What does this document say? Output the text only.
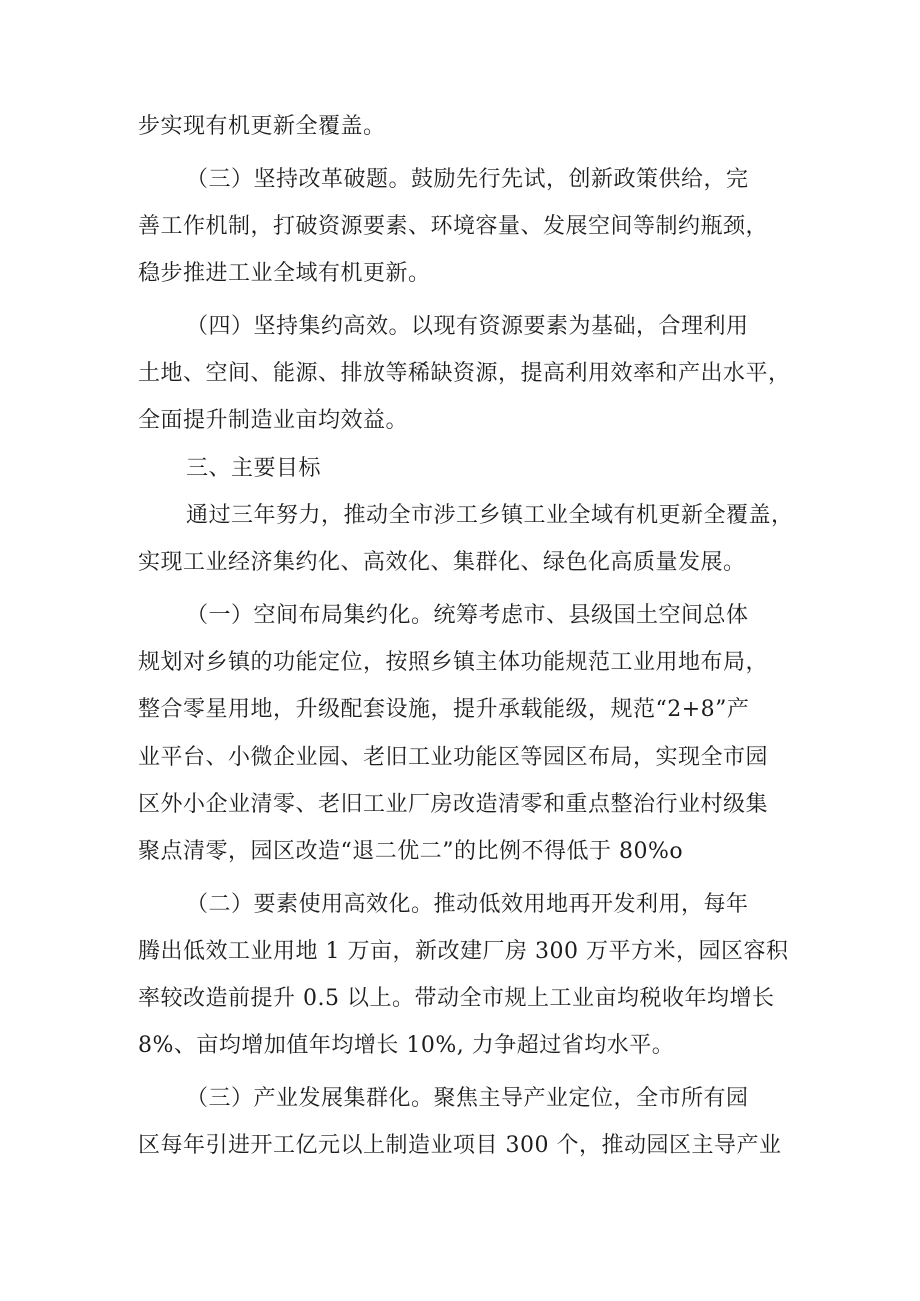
步实现有机更新全覆盖。
（三）坚持改革破题。鼓励先行先试，创新政策供给，完
善工作机制，打破资源要素、环境容量、发展空间等制约瓶颈，
稳步推进工业全域有机更新。
（四）坚持集约高效。以现有资源要素为基础，合理利用
土地、空间、能源、排放等稀缺资源，提高利用效率和产出水平，
全面提升制造业亩均效益。
三、主要目标
通过三年努力，推动全市涉工乡镇工业全域有机更新全覆盖，
实现工业经济集约化、高效化、集群化、绿色化高质量发展。
（一）空间布局集约化。统筹考虑市、县级国土空间总体
规划对乡镇的功能定位，按照乡镇主体功能规范工业用地布局，
整合零星用地，升级配套设施，提升承载能级，规范“2+8”产
业平台、小微企业园、老旧工业功能区等园区布局，实现全市园
区外小企业清零、老旧工业厂房改造清零和重点整治行业村级集
聚点清零，园区改造“退二优二”的比例不得低于 80%o
（二）要素使用高效化。推动低效用地再开发利用，每年
腾出低效工业用地 1 万亩，新改建厂房 300 万平方米，园区容积
率较改造前提升 0.5 以上。带动全市规上工业亩均税收年均增长
8%、亩均增加值年均增长 10%, 力争超过省均水平。
（三）产业发展集群化。聚焦主导产业定位，全市所有园
区每年引进开工亿元以上制造业项目 300 个，推动园区主导产业
